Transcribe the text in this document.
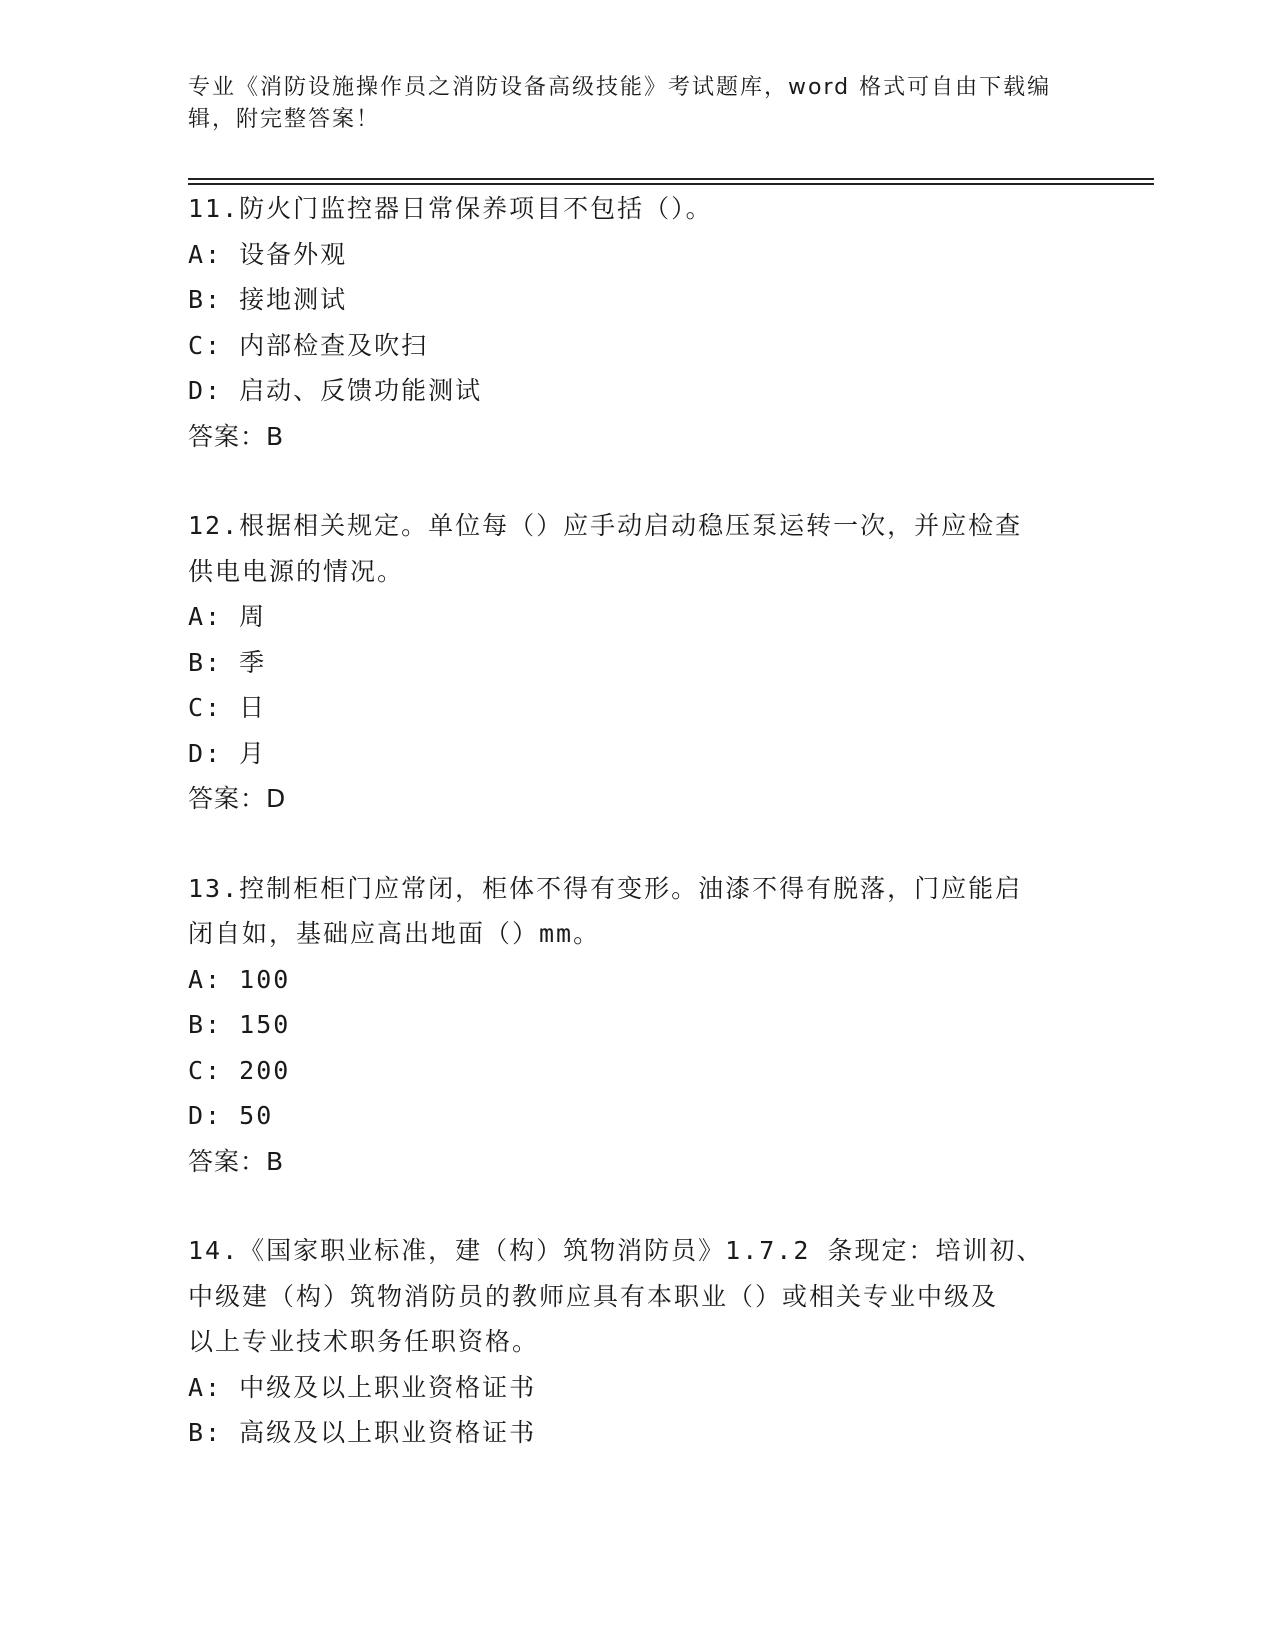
专业《消防设施操作员之消防设备高级技能》考试题库，word 格式可自由下载编
辑，附完整答案！
11.防火门监控器日常保养项目不包括（）。
A: 设备外观
B: 接地测试
C: 内部检查及吹扫
D: 启动、反馈功能测试
答案：B
12.根据相关规定。单位每（）应手动启动稳压泵运转一次，并应检查
供电电源的情况。
A: 周
B: 季
C: 日
D: 月
答案：D
13.控制柜柜门应常闭，柜体不得有变形。油漆不得有脱落，门应能启
闭自如，基础应高出地面（）mm。
A: 100
B: 150
C: 200
D: 50
答案：B
14.《国家职业标准，建（构）筑物消防员》1.7.2 条现定：培训初、
中级建（构）筑物消防员的教师应具有本职业（）或相关专业中级及
以上专业技术职务任职资格。
A: 中级及以上职业资格证书
B: 高级及以上职业资格证书
